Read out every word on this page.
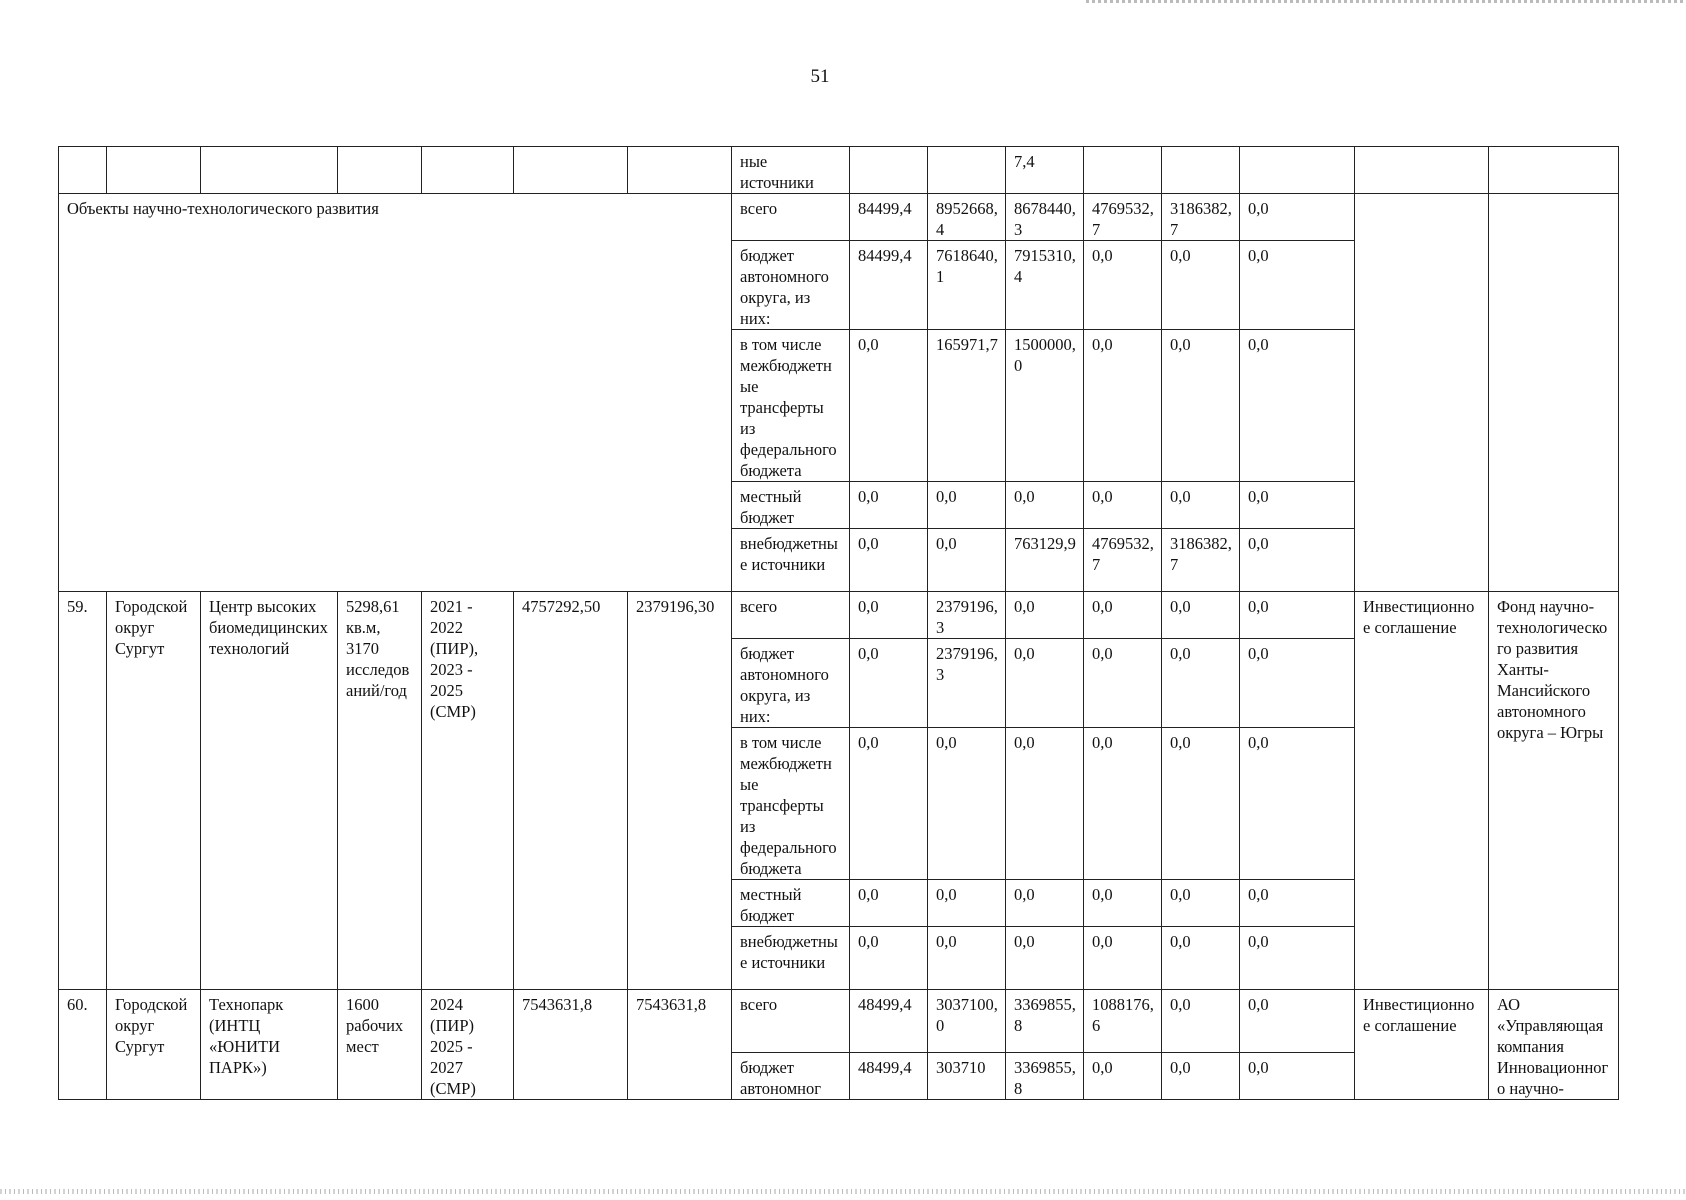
51
							ные источники			7,4					
Объекты научно-технологического развития							всего	84499,4	8952668,4	8678440,3	4769532,7	3186382,7	0,0		
							бюджет автономного округа, из них:	84499,4	7618640,1	7915310,4	0,0	0,0	0,0		
							в том числе межбюджетные трансферты из федерального бюджета	0,0	165971,7	1500000,0	0,0	0,0	0,0		
							местный бюджет	0,0	0,0	0,0	0,0	0,0	0,0		
							внебюджетные источники	0,0	0,0	763129,9	4769532,7	3186382,7	0,0		
59.	Городской округ Сургут	Центр высоких биомедицинских технологий	5298,61 кв.м, 3170 исследований/год	2021 - 2022 (ПИР), 2023 - 2025 (СМР)	4757292,50	2379196,30	всего	0,0	2379196,3	0,0	0,0	0,0	0,0	Инвестиционное соглашение	Фонд научно-технологического развития Ханты-Мансийского автономного округа – Югры
							бюджет автономного округа, из них:	0,0	2379196,3	0,0	0,0	0,0	0,0		
							в том числе межбюджетные трансферты из федерального бюджета	0,0	0,0	0,0	0,0	0,0	0,0		
							местный бюджет	0,0	0,0	0,0	0,0	0,0	0,0		
							внебюджетные источники	0,0	0,0	0,0	0,0	0,0	0,0		
60.	Городской округ Сургут	Технопарк (ИНТЦ «ЮНИТИ ПАРК»)	1600 рабочих мест	2024 (ПИР) 2025 - 2027 (СМР)	7543631,8	7543631,8	всего	48499,4	3037100,0	3369855,8	1088176,6	0,0	0,0	Инвестиционное соглашение	АО «Управляющая компания Инновационного научно-
							бюджет автономног	48499,4	303710	3369855,8	0,0	0,0	0,0		
